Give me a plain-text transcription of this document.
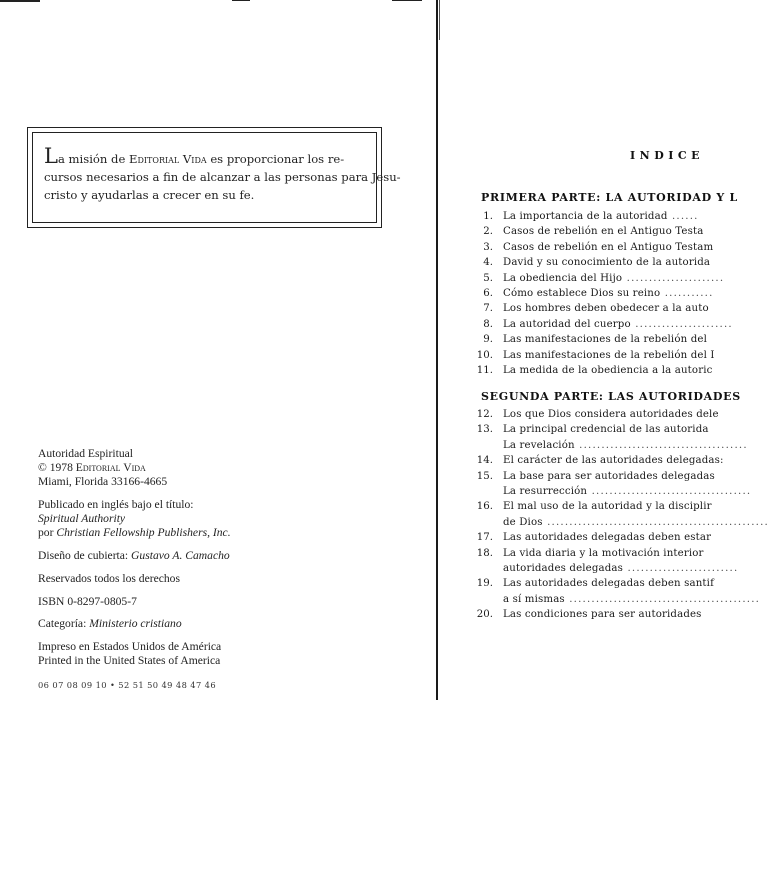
La misión de Editorial Vida es proporcionar los re-
cursos necesarios a fin de alcanzar a las personas para Jesu-
cristo y ayudarlas a crecer en su fe.
Autoridad Espiritual
© 1978 Editorial Vida
Miami, Florida 33166-4665
Publicado en inglés bajo el título:
Spiritual Authority
por Christian Fellowship Publishers, Inc.
Diseño de cubierta: Gustavo A. Camacho
Reservados todos los derechos
ISBN 0-8297-0805-7
Categoría: Ministerio cristiano
Impreso en Estados Unidos de América
Printed in the United States of America
06 07 08 09 10 • 52 51 50 49 48 47 46
INDICE
PRIMERA PARTE: LA AUTORIDAD Y L
1. La importancia de la autoridad ......
2. Casos de rebelión en el Antiguo Testa
3. Casos de rebelión en el Antiguo Testam
4. David y su conocimiento de la autorida
5. La obediencia del Hijo ......................
6. Cómo establece Dios su reino ...........
7. Los hombres deben obedecer a la auto
8. La autoridad del cuerpo ......................
9. Las manifestaciones de la rebelión del
10. Las manifestaciones de la rebelión del I
11. La medida de la obediencia a la autoric
SEGUNDA PARTE: LAS AUTORIDADES
12. Los que Dios considera autoridades dele
13. La principal credencial de las autorida
La revelación ......................................
14. El carácter de las autoridades delegadas:
15. La base para ser autoridades delegadas
La resurrección ....................................
16. El mal uso de la autoridad y la disciplir
de Dios ..................................................
17. Las autoridades delegadas deben estar
18. La vida diaria y la motivación interior
autoridades delegadas .........................
19. Las autoridades delegadas deben santif
a sí mismas ...........................................
20. Las condiciones para ser autoridades
